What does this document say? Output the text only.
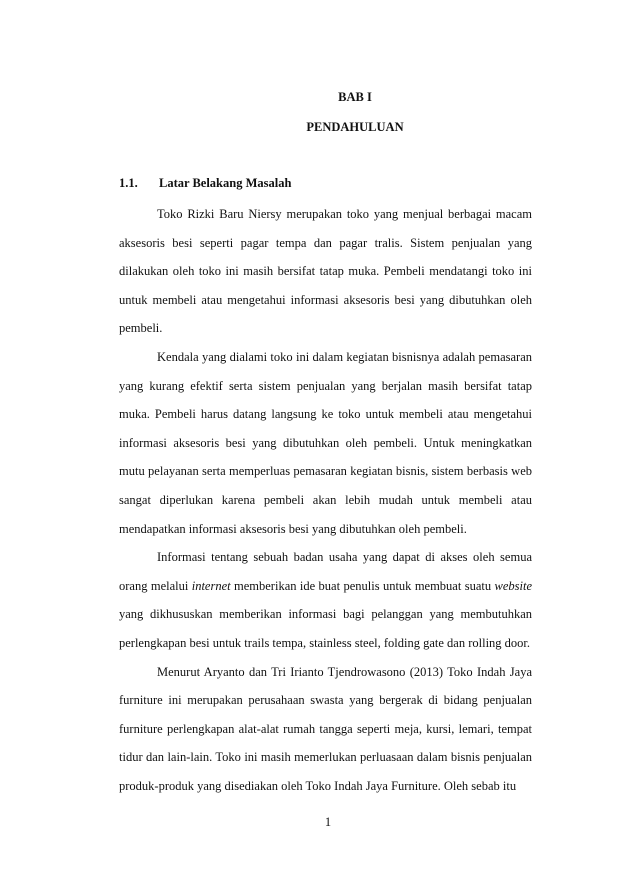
BAB I
PENDAHULUAN
1.1. Latar Belakang Masalah

Toko Rizki Baru Niersy merupakan toko yang menjual berbagai macam aksesoris besi seperti pagar tempa dan pagar tralis. Sistem penjualan yang dilakukan oleh toko ini masih bersifat tatap muka. Pembeli mendatangi toko ini untuk membeli atau mengetahui informasi aksesoris besi yang dibutuhkan oleh pembeli.

Kendala yang dialami toko ini dalam kegiatan bisnisnya adalah pemasaran yang kurang efektif serta sistem penjualan yang berjalan masih bersifat tatap muka. Pembeli harus datang langsung ke toko untuk membeli atau mengetahui informasi aksesoris besi yang dibutuhkan oleh pembeli. Untuk meningkatkan mutu pelayanan serta memperluas pemasaran kegiatan bisnis, sistem berbasis web sangat diperlukan karena pembeli akan lebih mudah untuk membeli atau mendapatkan informasi aksesoris besi yang dibutuhkan oleh pembeli.

Informasi tentang sebuah badan usaha yang dapat di akses oleh semua orang melalui internet memberikan ide buat penulis untuk membuat suatu website yang dikhususkan memberikan informasi bagi pelanggan yang membutuhkan perlengkapan besi untuk trails tempa, stainless steel, folding gate dan rolling door.

Menurut Aryanto dan Tri Irianto Tjendrowasono (2013) Toko Indah Jaya furniture ini merupakan perusahaan swasta yang bergerak di bidang penjualan furniture perlengkapan alat-alat rumah tangga seperti meja, kursi, lemari, tempat tidur dan lain-lain. Toko ini masih memerlukan perluasaan dalam bisnis penjualan produk-produk yang disediakan oleh Toko Indah Jaya Furniture. Oleh sebab itu

1
